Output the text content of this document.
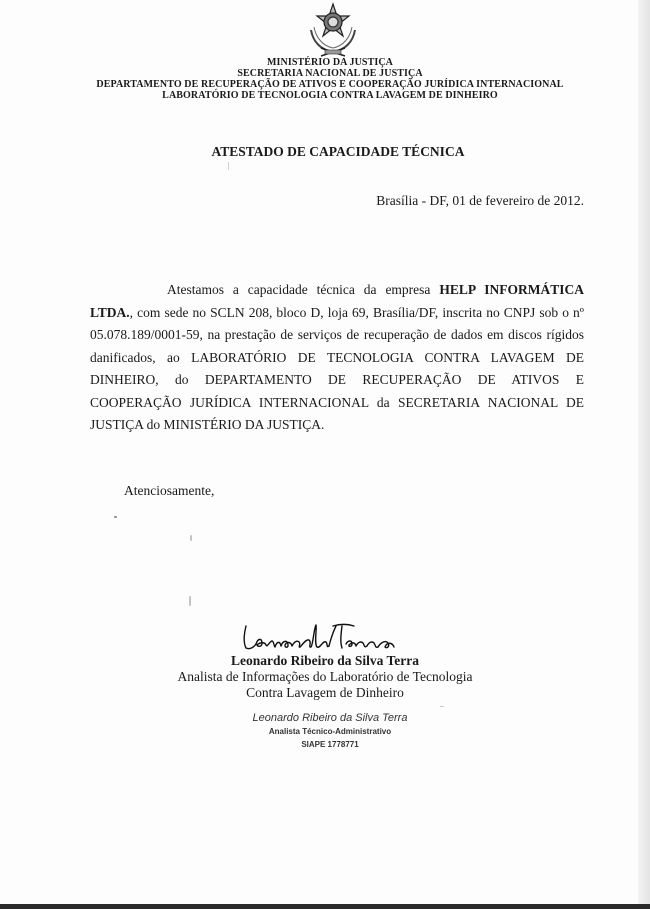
MINISTÉRIO DA JUSTIÇA
SECRETARIA NACIONAL DE JUSTIÇA
DEPARTAMENTO DE RECUPERAÇÃO DE ATIVOS E COOPERAÇÃO JURÍDICA INTERNACIONAL
LABORATÓRIO DE TECNOLOGIA CONTRA LAVAGEM DE DINHEIRO
ATESTADO DE CAPACIDADE TÉCNICA
Brasília - DF, 01 de fevereiro de 2012.
Atestamos a capacidade técnica da empresa HELP INFORMÁTICA LTDA., com sede no SCLN 208, bloco D, loja 69, Brasília/DF, inscrita no CNPJ sob o nº 05.078.189/0001-59, na prestação de serviços de recuperação de dados em discos rígidos danificados, ao LABORATÓRIO DE TECNOLOGIA CONTRA LAVAGEM DE DINHEIRO, do DEPARTAMENTO DE RECUPERAÇÃO DE ATIVOS E COOPERAÇÃO JURÍDICA INTERNACIONAL da SECRETARIA NACIONAL DE JUSTIÇA do MINISTÉRIO DA JUSTIÇA.
Atenciosamente,
Leonardo Ribeiro da Silva Terra
Analista de Informações do Laboratório de Tecnologia
Contra Lavagem de Dinheiro
Leonardo Ribeiro da Silva Terra
Analista Técnico-Administrativo
SIAPE 1778771
